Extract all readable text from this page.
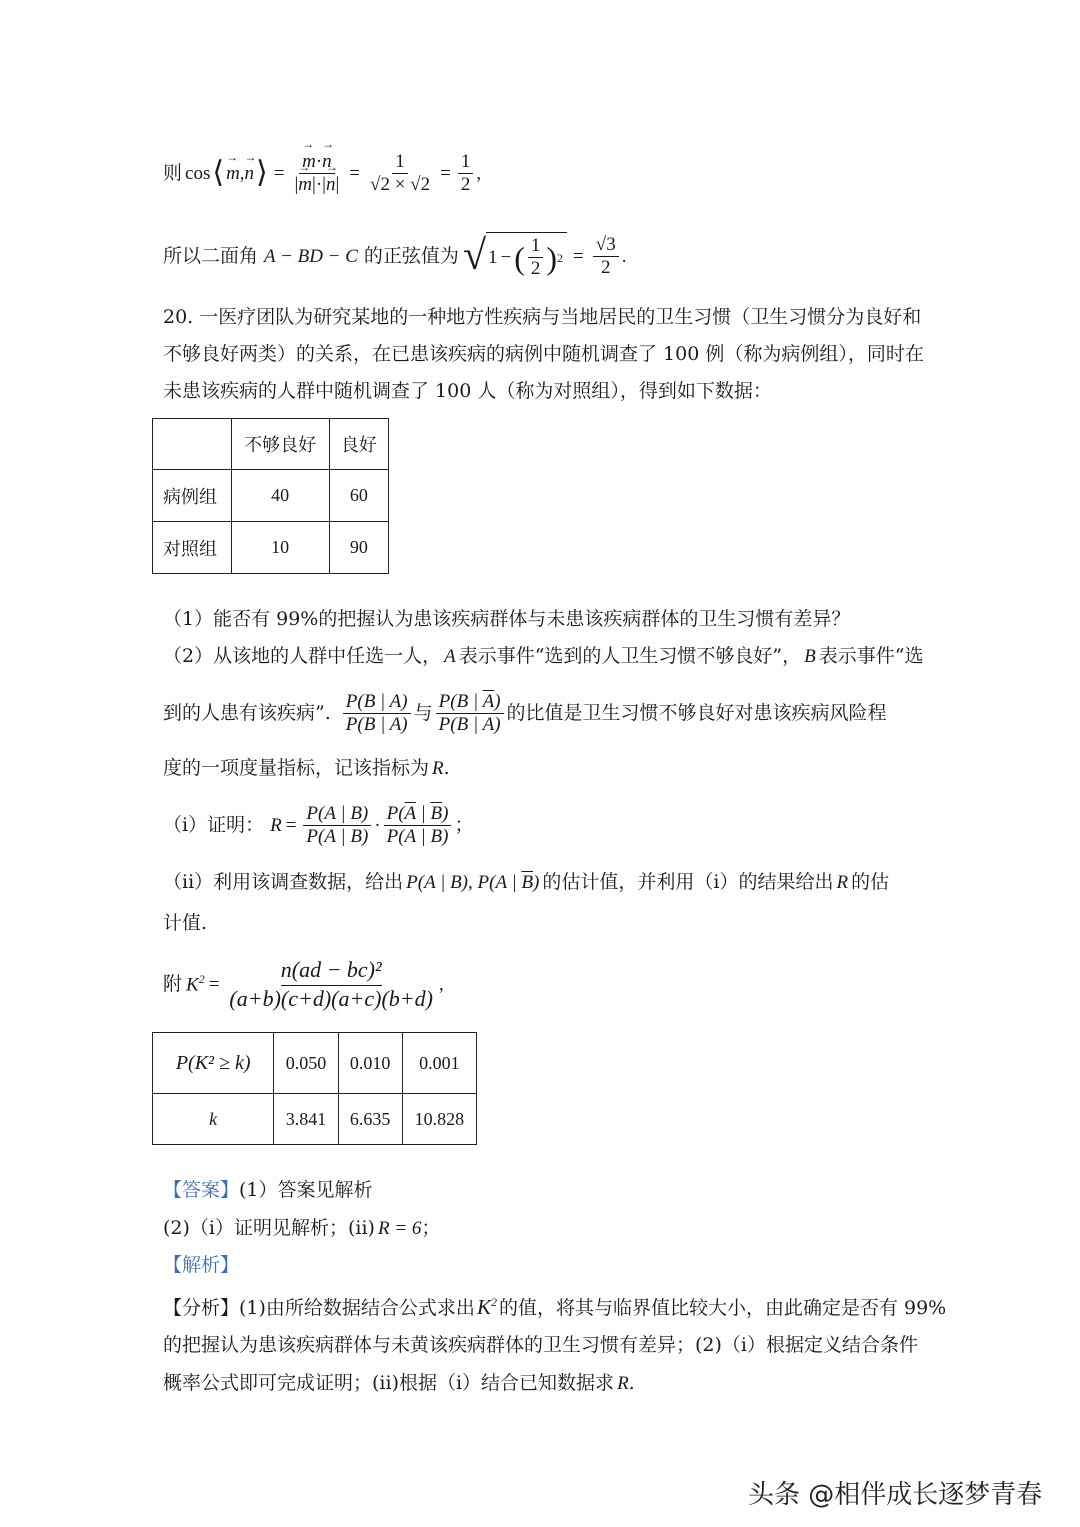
则 cos ⟨ → m , → n ⟩ = → $\frac{m\cdot\to n}{|\to m|\cdot|\to n|} = \frac{1}{√2 \times √2} = \frac{1}{2}$ ,
所以二面角 A − BD − C 的正弦值为 √ 1 − ( $\frac{1}{2}$ ) $2 = \frac{√3}{2}$ .
20. 一医疗团队为研究某地的一种地方性疾病与当地居民的卫生习惯（卫生习惯分为良好和
不够良好两类）的关系，在已患该疾病的病例中随机调查了 100 例（称为病例组），同时在
未患该疾病的人群中随机调查了 100 人（称为对照组），得到如下数据：
	不够良好	良好
病例组	40	60
对照组	10	90
（1）能否有 99%的把握认为患该疾病群体与未患该疾病群体的卫生习惯有差异？
（2）从该地的人群中任选一人， A 表示事件“选到的人卫生习惯不够良好”， B 表示事件“选
到的人患有该疾病”. $\frac{P(B | A)}{P(\overline{B} | A)}$ 与 $\frac{P(B | \overline{A})}{P(\overline{B} | \overline{A})}$ 的比值是卫生习惯不够良好对患该疾病风险程
度的一项度量指标，记该指标为 R.
（i）证明： $R = \frac{P(A | B)}{P(\overline{A} | B)} \cdot \frac{P(\overline{A} | \overline{B})}{P(A | \overline{B})}$ ；
（ii）利用该调查数据，给出 P(A | B), P(A | $\overline{B}$) 的估计值，并利用（i）的结果给出 R 的估
计值.
附 $K^2 = \frac{\text{n(ad − bc)²}}{(a+b)(c+d)(a+c)(b+d)}$ ,
P(K² ≥ k)	0.050	0.010	0.001
k	3.841	6.635	10.828
【答案】(1）答案见解析
(2)（i）证明见解析；(ii) R = 6；
【解析】
【分析】(1)由所给数据结合公式求出$K^2$ 的值，将其与临界值比较大小，由此确定是否有 99%
的把握认为患该疾病群体与未黄该疾病群体的卫生习惯有差异；(2)（i）根据定义结合条件
概率公式即可完成证明；(ii)根据（i）结合已知数据求 R.
头条 @相伴成长逐梦青春
